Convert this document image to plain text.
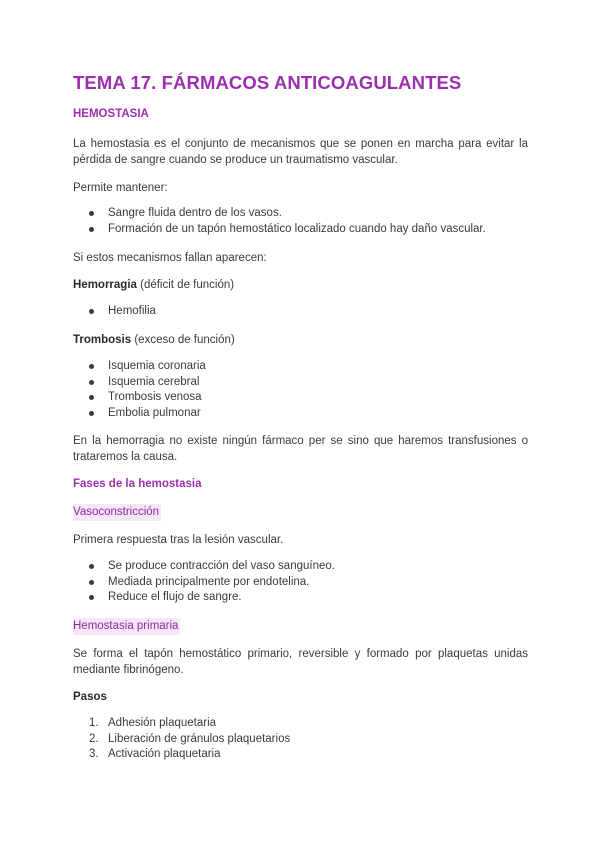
TEMA 17. FÁRMACOS ANTICOAGULANTES
HEMOSTASIA
La hemostasia es el conjunto de mecanismos que se ponen en marcha para evitar la pérdida de sangre cuando se produce un traumatismo vascular.
Permite mantener:
Sangre fluida dentro de los vasos.
Formación de un tapón hemostático localizado cuando hay daño vascular.
Si estos mecanismos fallan aparecen:
Hemorragia (déficit de función)
Hemofilia
Trombosis (exceso de función)
Isquemia coronaria
Isquemia cerebral
Trombosis venosa
Embolia pulmonar
En la hemorragia no existe ningún fármaco per se sino que haremos transfusiones o trataremos la causa.
Fases de la hemostasia
Vasoconstricción
Primera respuesta tras la lesión vascular.
Se produce contracción del vaso sanguíneo.
Mediada principalmente por endotelina.
Reduce el flujo de sangre.
Hemostasia primaria
Se forma el tapón hemostático primario, reversible y formado por plaquetas unidas mediante fibrinógeno.
Pasos
1. Adhesión plaquetaria
2. Liberación de gránulos plaquetarios
3. Activación plaquetaria
